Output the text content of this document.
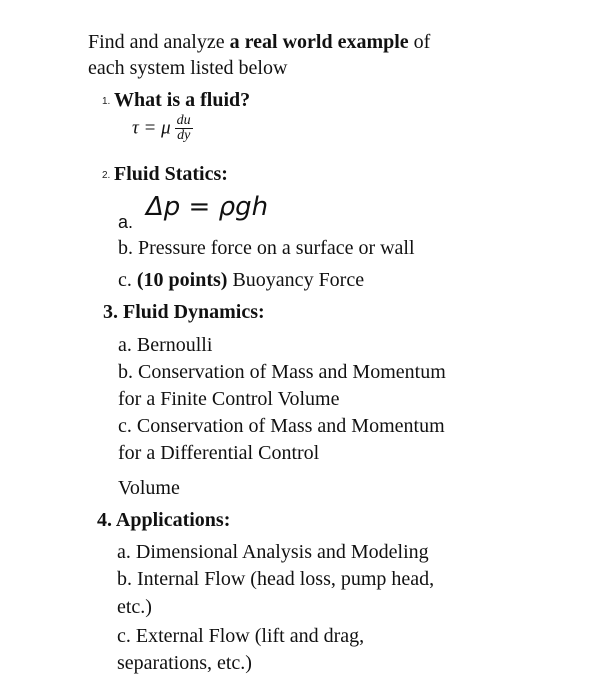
Find and analyze a real world example of
each system listed below
1. What is a fluid?
τ = μ $\frac{du}{dy}$
2. Fluid Statics:
a. Δp = ρgh
b. Pressure force on a surface or wall
c. (10 points) Buoyancy Force
3. Fluid Dynamics:
a. Bernoulli
b. Conservation of Mass and Momentum
for a Finite Control Volume
c. Conservation of Mass and Momentum
for a Differential Control
Volume
4. Applications:
a. Dimensional Analysis and Modeling
b. Internal Flow (head loss, pump head,
etc.)
c. External Flow (lift and drag,
separations, etc.)
